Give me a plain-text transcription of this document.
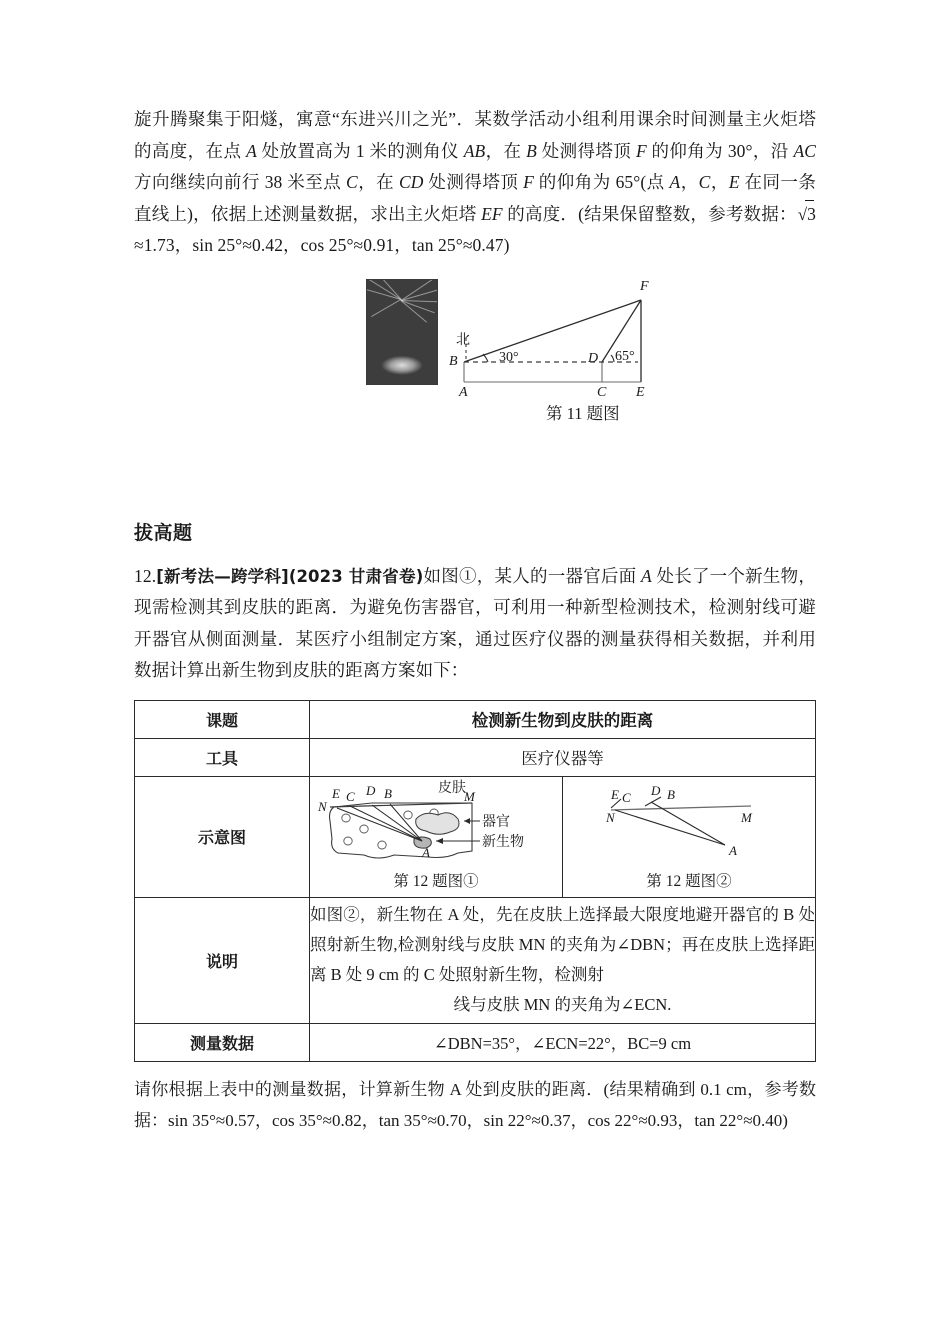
旋升腾聚集于阳燧，寓意“东进兴川之光”．某数学活动小组利用课余时间测量主火炬塔的高度，在点 A 处放置高为 1 米的测角仪 AB，在 B 处测得塔顶 F 的仰角为 30°，沿 AC 方向继续向前行 38 米至点 C，在 CD 处测得塔顶 F 的仰角为 65°(点 A，C，E 在同一条直线上)，依据上述测量数据，求出主火炬塔 EF 的高度．(结果保留整数，参考数据：√
3≈1.73，sin 25°≈0.42，cos 25°≈0.91，tan 25°≈0.47)
F
B	D
A	C E
北
30°	65°
第 11 题图
拔高题
12.[新考法—跨学科](2023 甘肃省卷)如图①，某人的一器官后面 A 处长了一个新生物，现需检测其到皮肤的距离．为避免伤害器官，可利用一种新型检测技术，检测射线可避开器官从侧面测量．某医疗小组制定方案，通过医疗仪器的测量获得相关数据，并利用数据计算出新生物到皮肤的距离方案如下：
课题	检测新生物到皮肤的距离	
工具	医疗仪器等	
示意图	
E C D B
N
M
A
皮肤
器官
新生物
第 12 题图①

E C D B
N	M
A
第 12 题图②

说明	如图②，新生物在 A 处，先在皮肤上选择最大限度地避开器官的 B 处照射新生物,检测射线与皮肤 MN 的夹角为∠DBN；再在皮肤上选择距离 B 处 9 cm 的 C 处照射新生物，检测射
线与皮肤 MN 的夹角为∠ECN.	

测量数据	∠DBN=35°，∠ECN=22°，BC=9 cm	
请你根据上表中的测量数据，计算新生物 A 处到皮肤的距离．(结果精确到 0.1 cm，参考数据：sin 35°≈0.57，cos 35°≈0.82，tan 35°≈0.70，sin 22°≈0.37，cos 22°≈0.93，tan 22°≈0.40)
